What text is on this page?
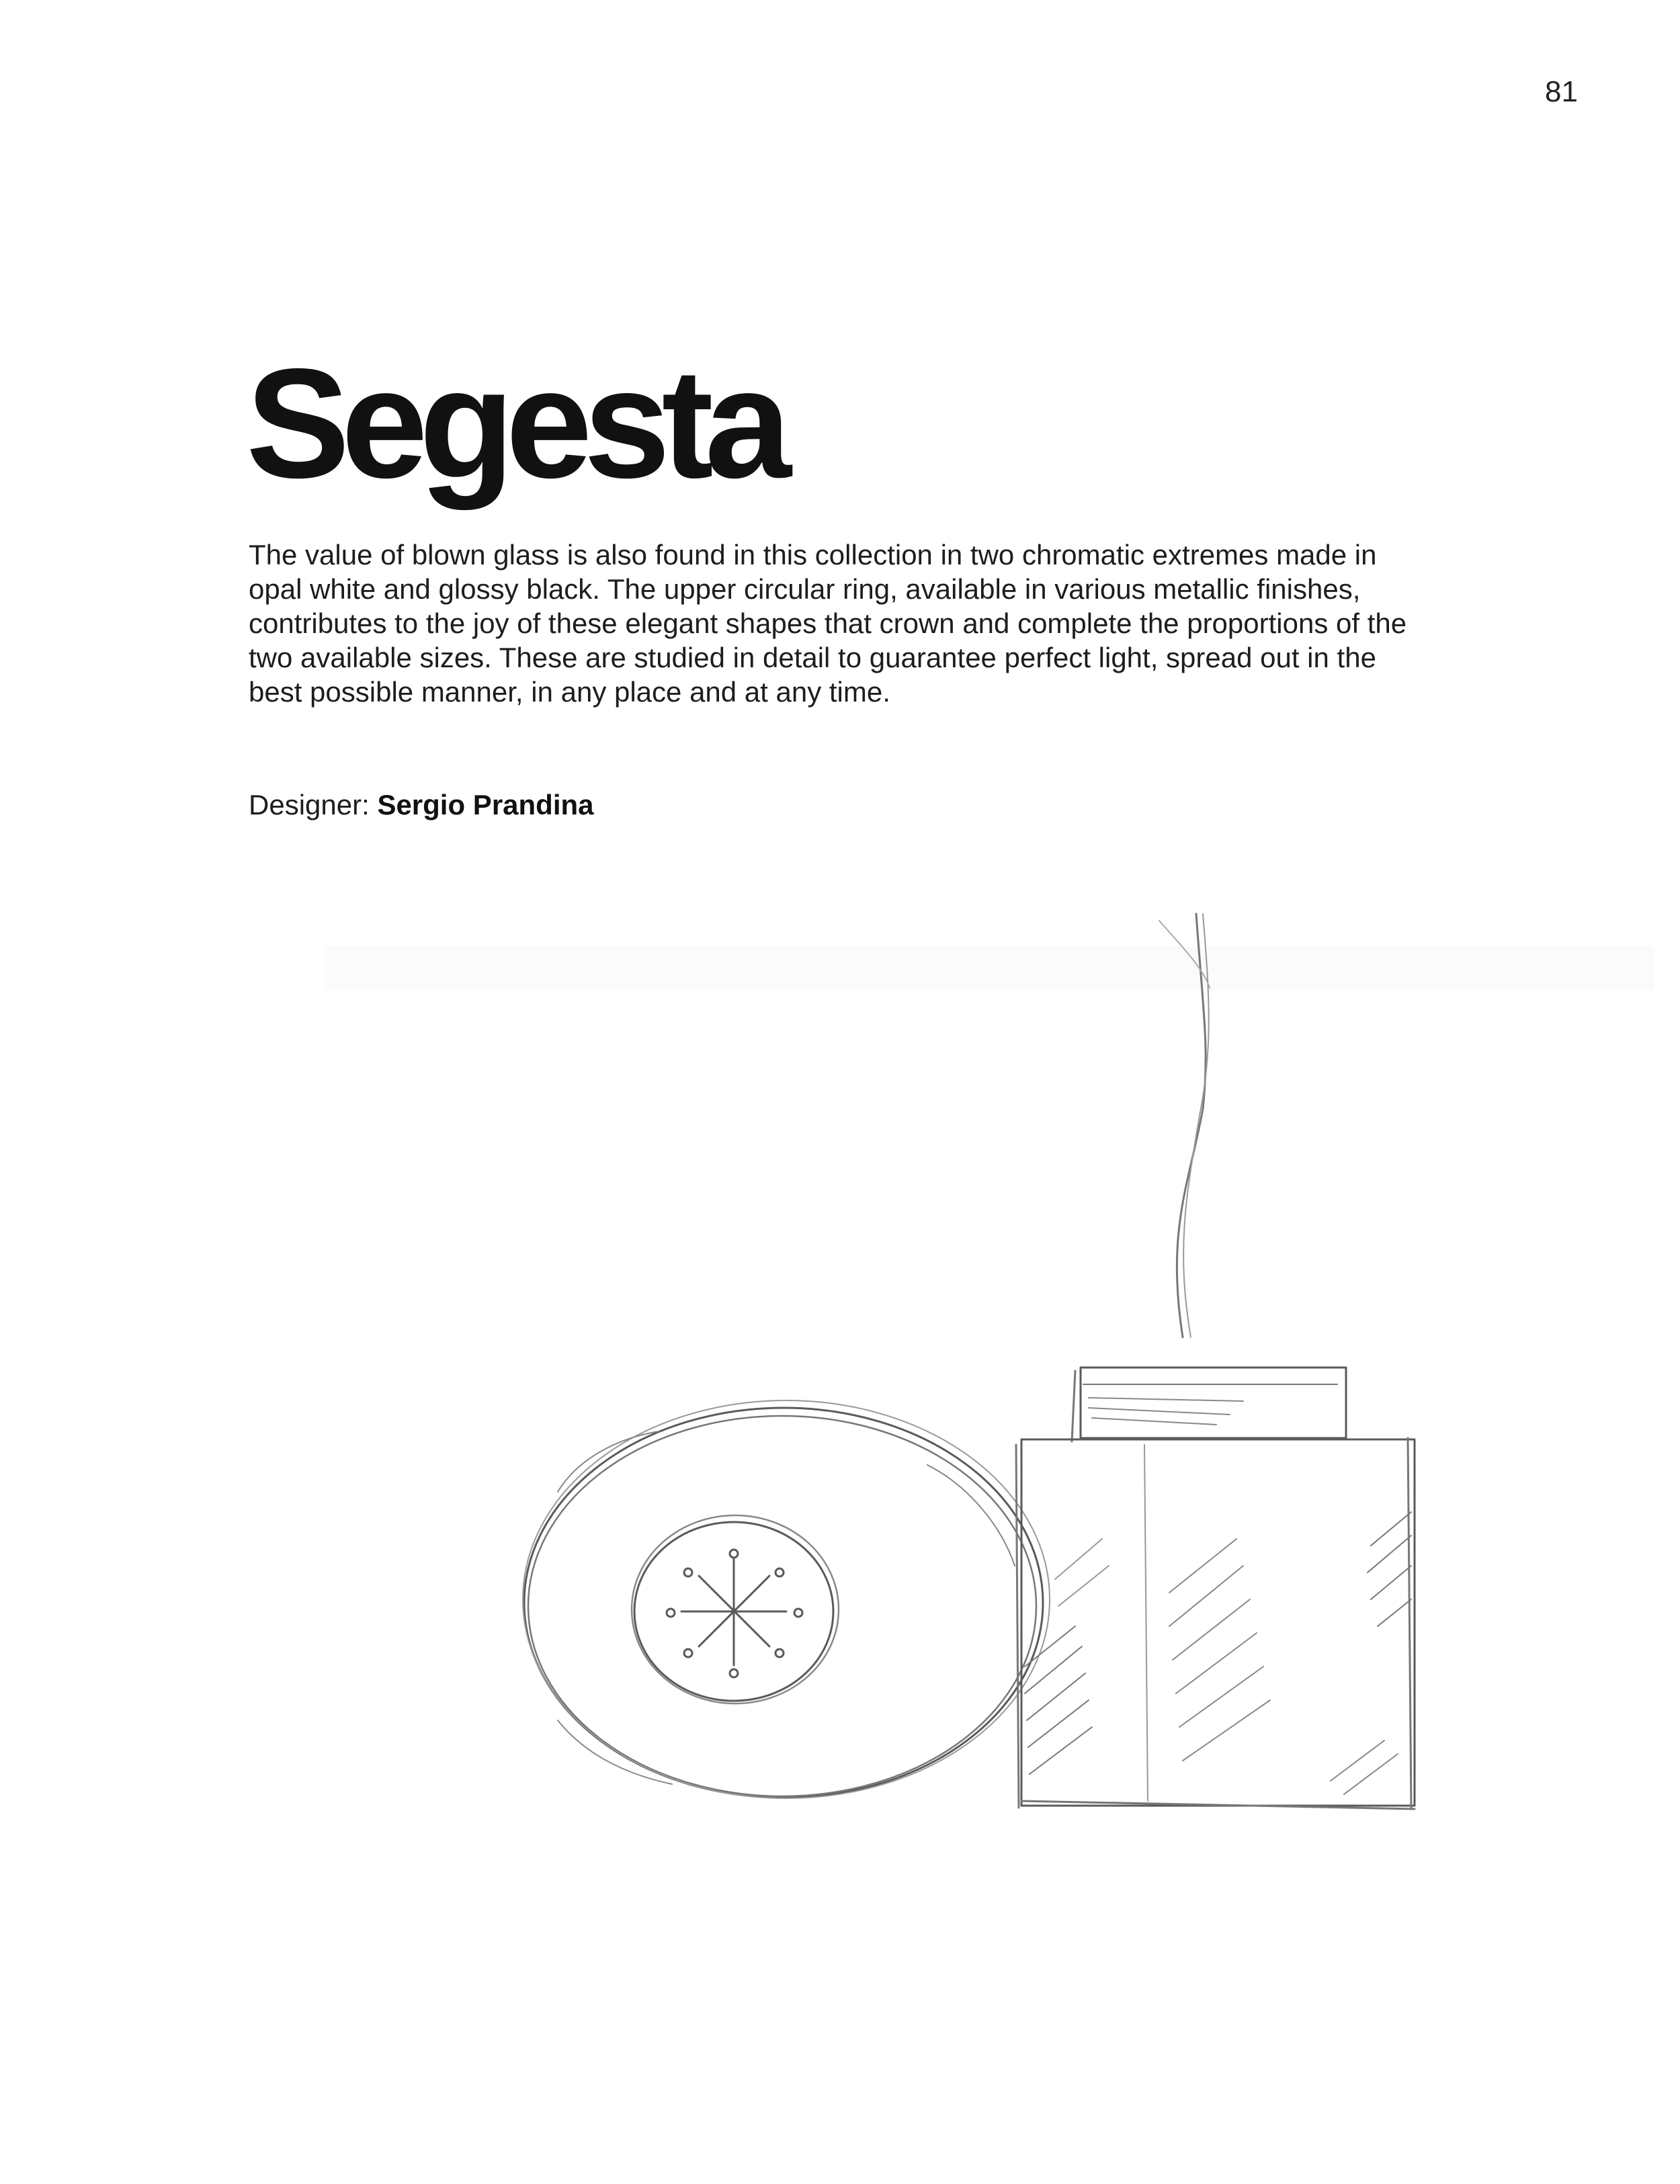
81
Segesta

The value of blown glass is also found in this collection in two chromatic extremes made in opal white and glossy black. The upper circular ring, available in various metallic finishes, contributes to the joy of these elegant shapes that crown and complete the proportions of the two available sizes. These are studied in detail to guarantee perfect light, spread out in the best possible manner, in any place and at any time.

Designer: Sergio Prandina
